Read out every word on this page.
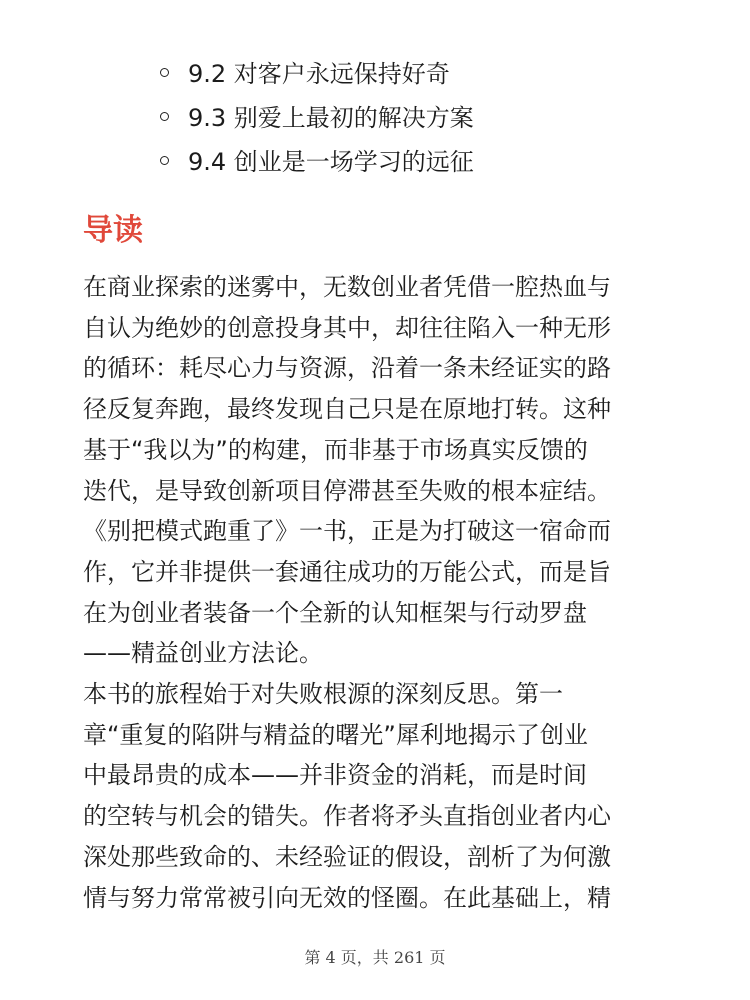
9.2 对客户永远保持好奇
9.3 别爱上最初的解决方案
9.4 创业是一场学习的远征
导读
在商业探索的迷雾中，无数创业者凭借一腔热血与
自认为绝妙的创意投身其中，却往往陷入一种无形
的循环：耗尽心力与资源，沿着一条未经证实的路
径反复奔跑，最终发现自己只是在原地打转。这种
基于“我以为”的构建，而非基于市场真实反馈的
迭代，是导致创新项目停滞甚至失败的根本症结。
《别把模式跑重了》一书，正是为打破这一宿命而
作，它并非提供一套通往成功的万能公式，而是旨
在为创业者装备一个全新的认知框架与行动罗盘
——精益创业方法论。
本书的旅程始于对失败根源的深刻反思。第一
章“重复的陷阱与精益的曙光”犀利地揭示了创业
中最昂贵的成本——并非资金的消耗，而是时间
的空转与机会的错失。作者将矛头直指创业者内心
深处那些致命的、未经验证的假设，剖析了为何激
情与努力常常被引向无效的怪圈。在此基础上，精
第 4 页，共 261 页
